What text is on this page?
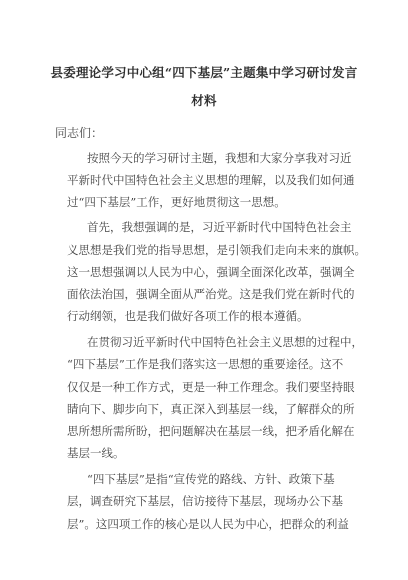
县委理论学习中心组“四下基层”主题集中学习研讨发言
材料
同志们：
按照今天的学习研讨主题，我想和大家分享我对习近
平新时代中国特色社会主义思想的理解，以及我们如何通
过“四下基层”工作，更好地贯彻这一思想。
首先，我想强调的是，习近平新时代中国特色社会主
义思想是我们党的指导思想，是引领我们走向未来的旗帜。
这一思想强调以人民为中心，强调全面深化改革，强调全
面依法治国，强调全面从严治党。这是我们党在新时代的
行动纲领，也是我们做好各项工作的根本遵循。
在贯彻习近平新时代中国特色社会主义思想的过程中，
“四下基层”工作是我们落实这一思想的重要途径。这不
仅仅是一种工作方式，更是一种工作理念。我们要坚持眼
睛向下、脚步向下，真正深入到基层一线，了解群众的所
思所想所需所盼，把问题解决在基层一线，把矛盾化解在
基层一线。
“四下基层”是指“宣传党的路线、方针、政策下基
层，调查研究下基层，信访接待下基层，现场办公下基
层”。这四项工作的核心是以人民为中心，把群众的利益
